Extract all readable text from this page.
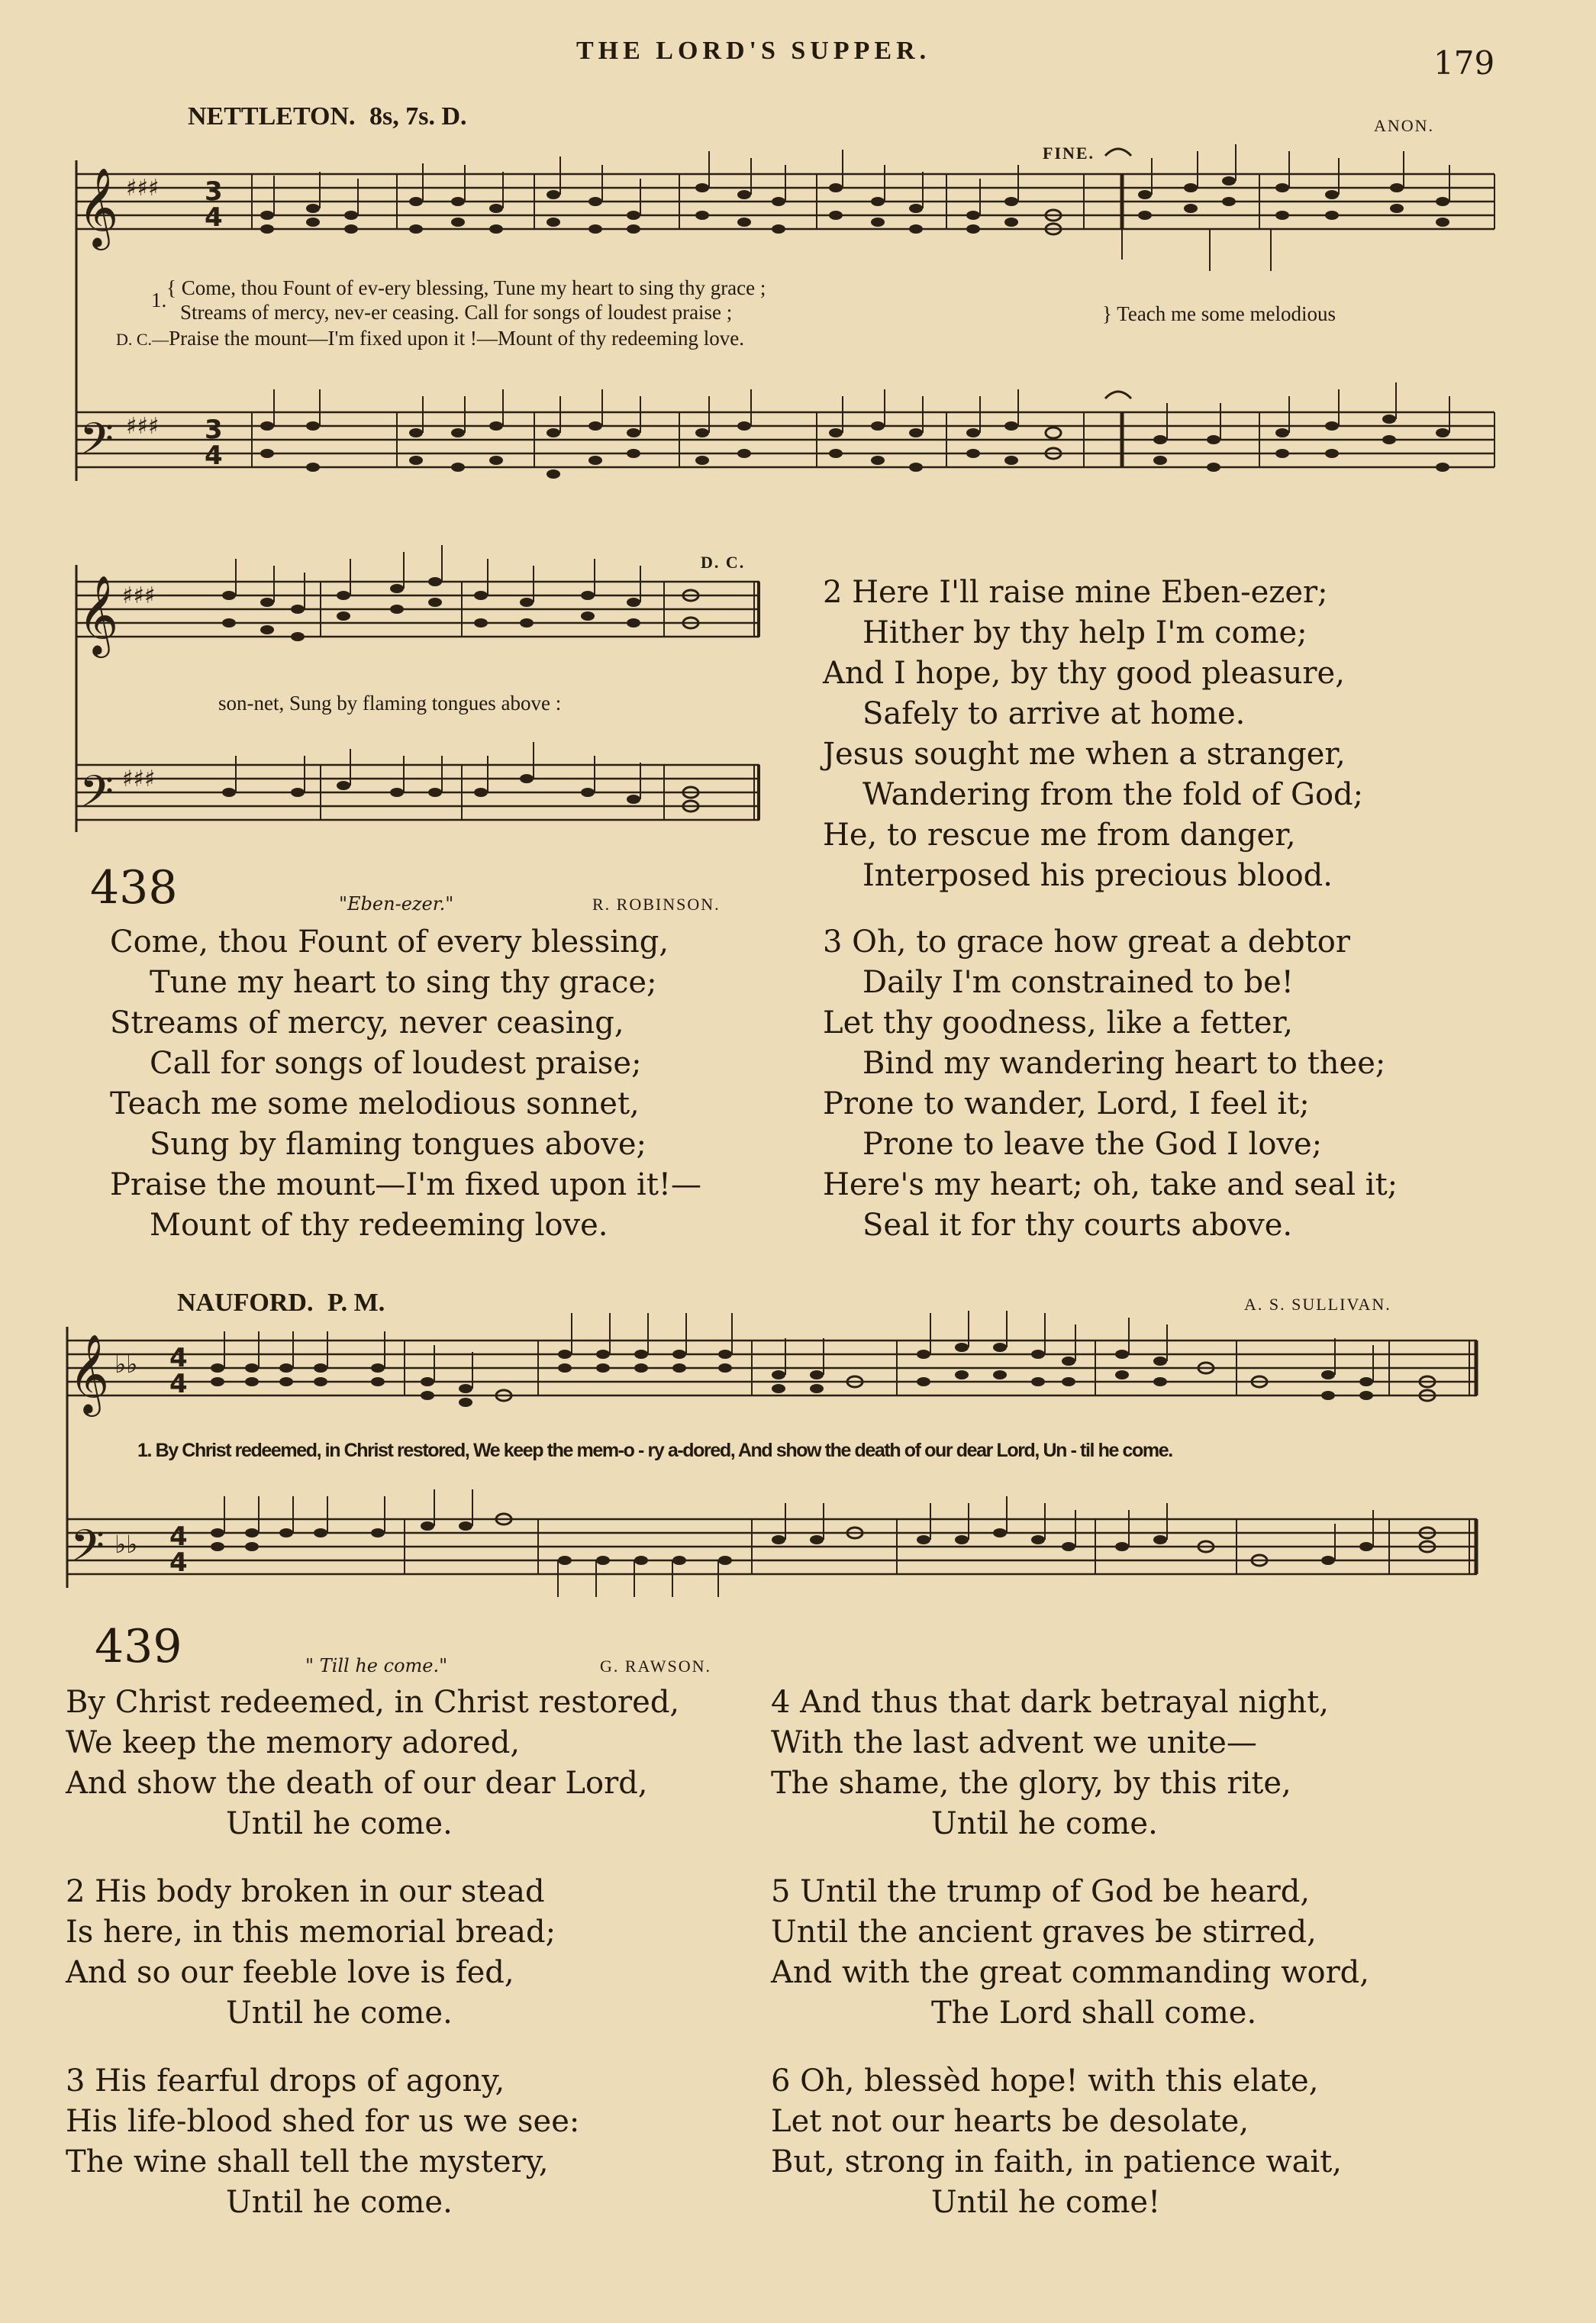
THE LORD'S SUPPER.	179
NETTLETON. 8s, 7s. D.	ANON.
FINE.
𝄞
𝄢
♯♯♯
♯♯♯
3
4
3
4
1.
{ Come, thou Fount of ev-ery blessing, Tune my heart to sing thy grace ;
Streams of mercy, nev-er ceasing. Call for songs of loudest praise ;	} Teach me some melodious
D. C.—Praise the mount—I'm fixed upon it !—Mount of thy redeeming love.
D. C.
𝄞
𝄢
♯♯♯
♯♯♯
son-net, Sung by flaming tongues above :
438	"Eben-ezer."	R. ROBINSON.
Come, thou Fount of every blessing,
Tune my heart to sing thy grace;
Streams of mercy, never ceasing,
Call for songs of loudest praise;
Teach me some melodious sonnet,
Sung by flaming tongues above;
Praise the mount—I'm fixed upon it!—
Mount of thy redeeming love.
2 Here I'll raise mine Eben-ezer;
Hither by thy help I'm come;
And I hope, by thy good pleasure,
Safely to arrive at home.
Jesus sought me when a stranger,
Wandering from the fold of God;
He, to rescue me from danger,
Interposed his precious blood.
3 Oh, to grace how great a debtor
Daily I'm constrained to be!
Let thy goodness, like a fetter,
Bind my wandering heart to thee;
Prone to wander, Lord, I feel it;
Prone to leave the God I love;
Here's my heart; oh, take and seal it;
Seal it for thy courts above.
NAUFORD. P. M.	A. S. SULLIVAN.
𝄞
𝄢
♭♭
♭♭
4
4
4
4
1. By Christ redeemed, in Christ restored, We keep the mem-o - ry a-dored, And show the death of our dear Lord, Un - til he come.
439	" Till he come."	G. RAWSON.
By Christ redeemed, in Christ restored,
We keep the memory adored,
And show the death of our dear Lord,
Until he come.
2 His body broken in our stead
Is here, in this memorial bread;
And so our feeble love is fed,
Until he come.
3 His fearful drops of agony,
His life-blood shed for us we see:
The wine shall tell the mystery,
Until he come.
4 And thus that dark betrayal night,
With the last advent we unite—
The shame, the glory, by this rite,
Until he come.
5 Until the trump of God be heard,
Until the ancient graves be stirred,
And with the great commanding word,
The Lord shall come.
6 Oh, blessèd hope! with this elate,
Let not our hearts be desolate,
But, strong in faith, in patience wait,
Until he come!
